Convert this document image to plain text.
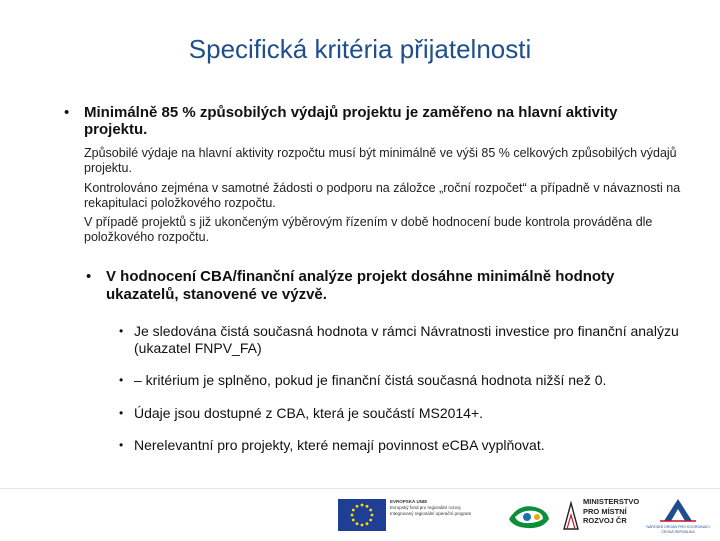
Specifická kritéria přijatelnosti
• Minimálně 85 % způsobilých výdajů projektu je zaměřeno na hlavní aktivity projektu.
Způsobilé výdaje na hlavní aktivity rozpočtu musí být minimálně ve výši 85 % celkových způsobilých výdajů projektu.
Kontrolováno zejména v samotné žádosti o podporu na záložce „roční rozpočet“ a případně v návaznosti na rekapitulaci položkového rozpočtu.
V případě projektů s již ukončeným výběrovým řízením v době hodnocení bude kontrola prováděna dle položkového rozpočtu.
• V hodnocení CBA/finanční analýze projekt dosáhne minimálně hodnoty ukazatelů, stanovené ve výzvě.
• Je sledována čistá současná hodnota v rámci Návratnosti investice pro finanční analýzu (ukazatel FNPV_FA)
• – kritérium je splněno, pokud je finanční čistá současná hodnota nižší než 0.
• Údaje jsou dostupné z CBA, která je součástí MS2014+.
• Nerelevantní pro projekty, které nemají povinnost eCBA vyplňovat.
EVROPSKÁ UNIE
Evropský fond pro regionální rozvoj
Integrovaný regionální operační program
MINISTERSTVO
PRO MÍSTNÍ
ROZVOJ ČR
NÁRODNÍ ORGÁN PRO KOORDINACI
ČESKÁ REPUBLIKA
